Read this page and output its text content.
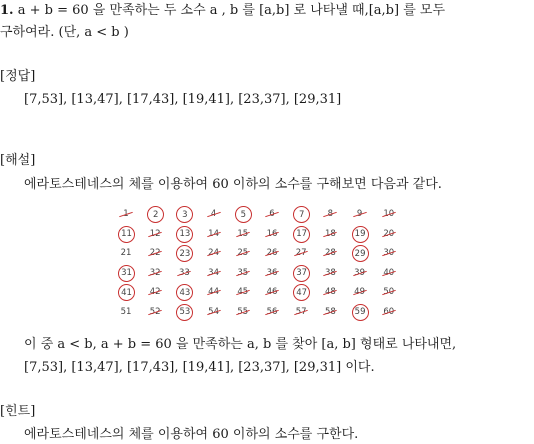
1. a + b = 60 을 만족하는 두 소수 a , b 를 [a,b] 로 나타낼 때,[a,b] 를 모두
구하여라. (단, a < b )
[정답]
[7,53], [13,47], [17,43], [19,41], [23,37], [29,31]
[해설]
에라토스테네스의 체를 이용하여 60 이하의 소수를 구해보면 다음과 같다.
1	2	3	4	5	6	7	8	9	10
11	12	13	14	15	16	17	18	19	20
21	22	23	24	25	26	27	28	29	30
31	32	33	34	35	36	37	38	39	40
41	42	43	44	45	46	47	48	49	50
51	52	53	54	55	56	57	58	59	60
이 중 a < b, a + b = 60 을 만족하는 a, b 를 찾아 [a, b] 형태로 나타내면,
[7,53], [13,47], [17,43], [19,41], [23,37], [29,31] 이다.
[힌트]
에라토스테네스의 체를 이용하여 60 이하의 소수를 구한다.
